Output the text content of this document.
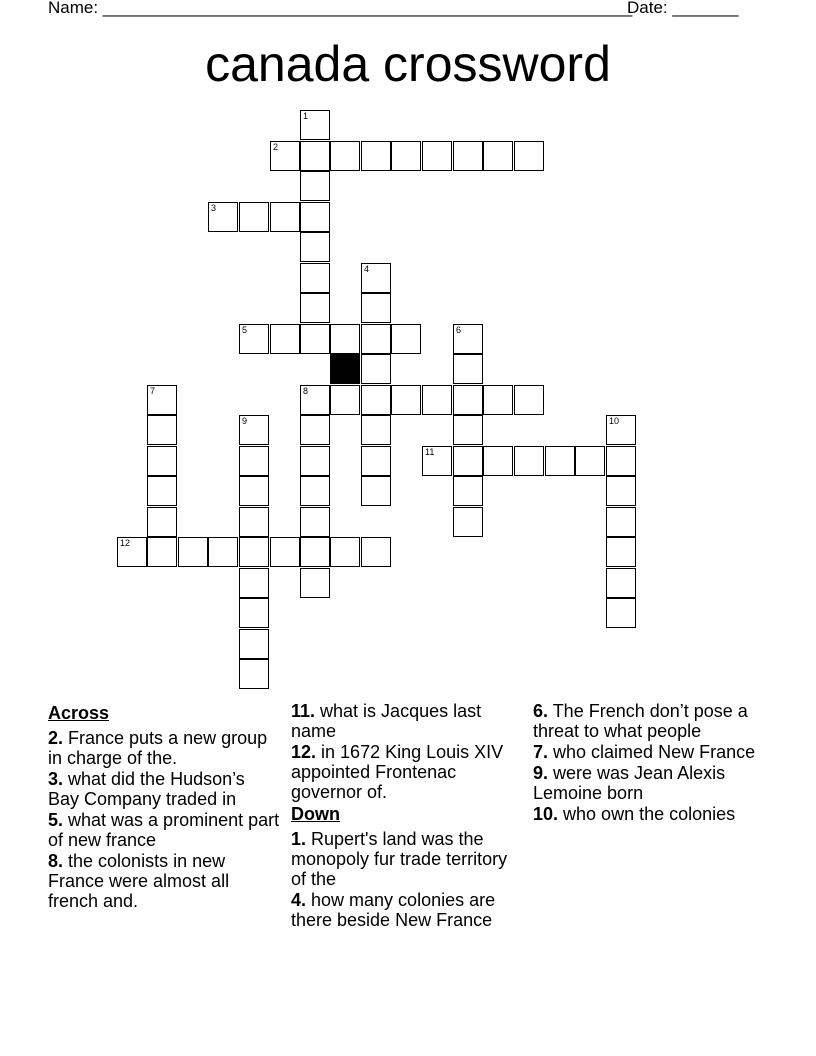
Name: ________________________________________________________
Date: _______
canada crossword
1
8
2
3
4
5	6
7
9	10
11
12
Across
2. France puts a new group in charge of the.
3. what did the Hudson’s Bay Company traded in
5. what was a prominent part of new france
8. the colonists in new France were almost all french and.
11. what is Jacques last name
12. in 1672 King Louis XIV appointed Frontenac governor of.
Down
1. Rupert's land was the monopoly fur trade territory of the
4. how many colonies are there beside New France
6. The French don’t pose a threat to what people
7. who claimed New France
9. were was Jean Alexis Lemoine born
10. who own the colonies
